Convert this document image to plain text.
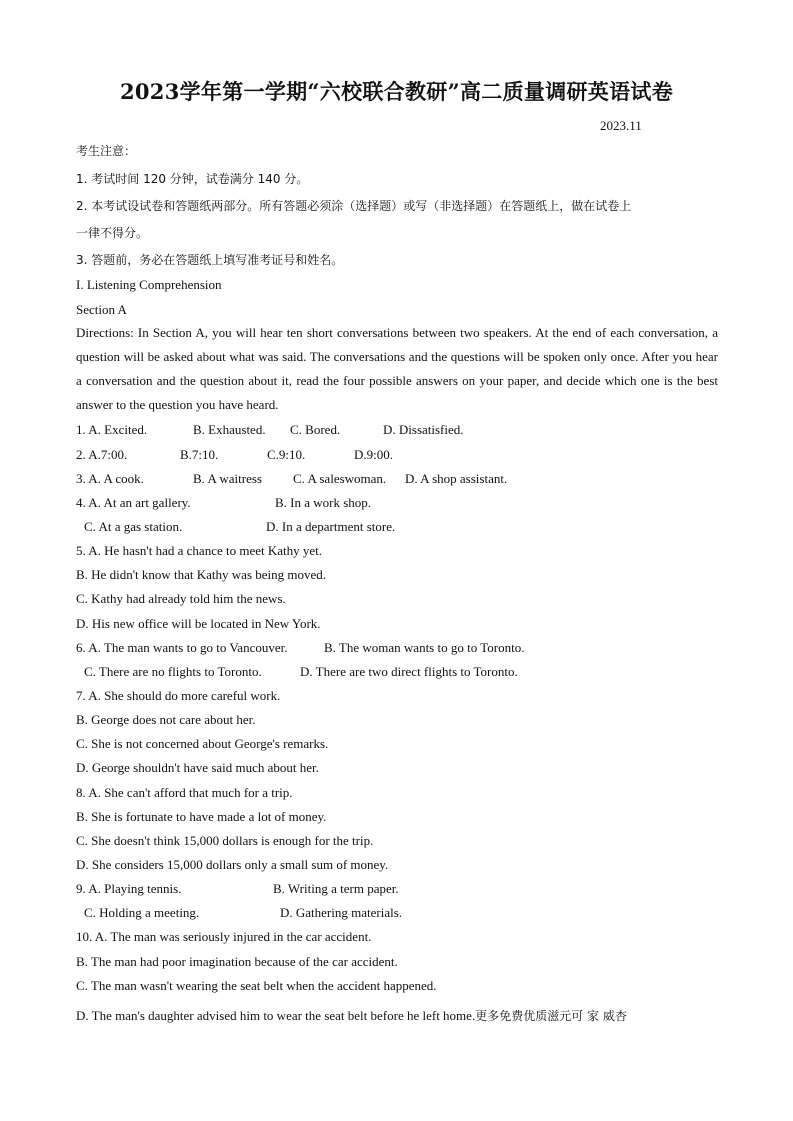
2023学年第一学期“六校联合教研”高二质量调研英语试卷
2023.11
考生注意：
1. 考试时间 120 分钟，试卷满分 140 分。
2. 本考试设试卷和答题纸两部分。所有答题必须涂（选择题）或写（非选择题）在答题纸上，做在试卷上
一律不得分。
3. 答题前，务必在答题纸上填写准考证号和姓名。
I. Listening Comprehension
Section A
Directions: In Section A, you will hear ten short conversations between two speakers. At the end of each conversation, a question will be asked about what was said. The conversations and the questions will be spoken only once. After you hear a conversation and the question about it, read the four possible answers on your paper, and decide which one is the best answer to the question you have heard.
1. A. Excited.	B. Exhausted. C. Bored.	D. Dissatisfied.
2. A.7:00.	B.7:10.	C.9:10.	D.9:00.
3. A. A cook.	B. A waitress C. A saleswoman. D. A shop assistant.
4. A. At an art gallery.	B. In a work shop.
C. At a gas station.	D. In a department store.
5. A. He hasn't had a chance to meet Kathy yet.
B. He didn't know that Kathy was being moved.
C. Kathy had already told him the news.
D. His new office will be located in New York.
6. A. The man wants to go to Vancouver.	B. The woman wants to go to Toronto.
C. There are no flights to Toronto.	D. There are two direct flights to Toronto.
7. A. She should do more careful work.
B. George does not care about her.
C. She is not concerned about George's remarks.
D. George shouldn't have said much about her.
8. A. She can't afford that much for a trip.
B. She is fortunate to have made a lot of money.
C. She doesn't think 15,000 dollars is enough for the trip.
D. She considers 15,000 dollars only a small sum of money.
9. A. Playing tennis.	B. Writing a term paper.
C. Holding a meeting.	D. Gathering materials.
10. A. The man was seriously injured in the car accident.
B. The man had poor imagination because of the car accident.
C. The man wasn't wearing the seat belt when the accident happened.
D. The man's daughter advised him to wear the seat belt before he left home.更多免费优质滋元可 家 威杏
